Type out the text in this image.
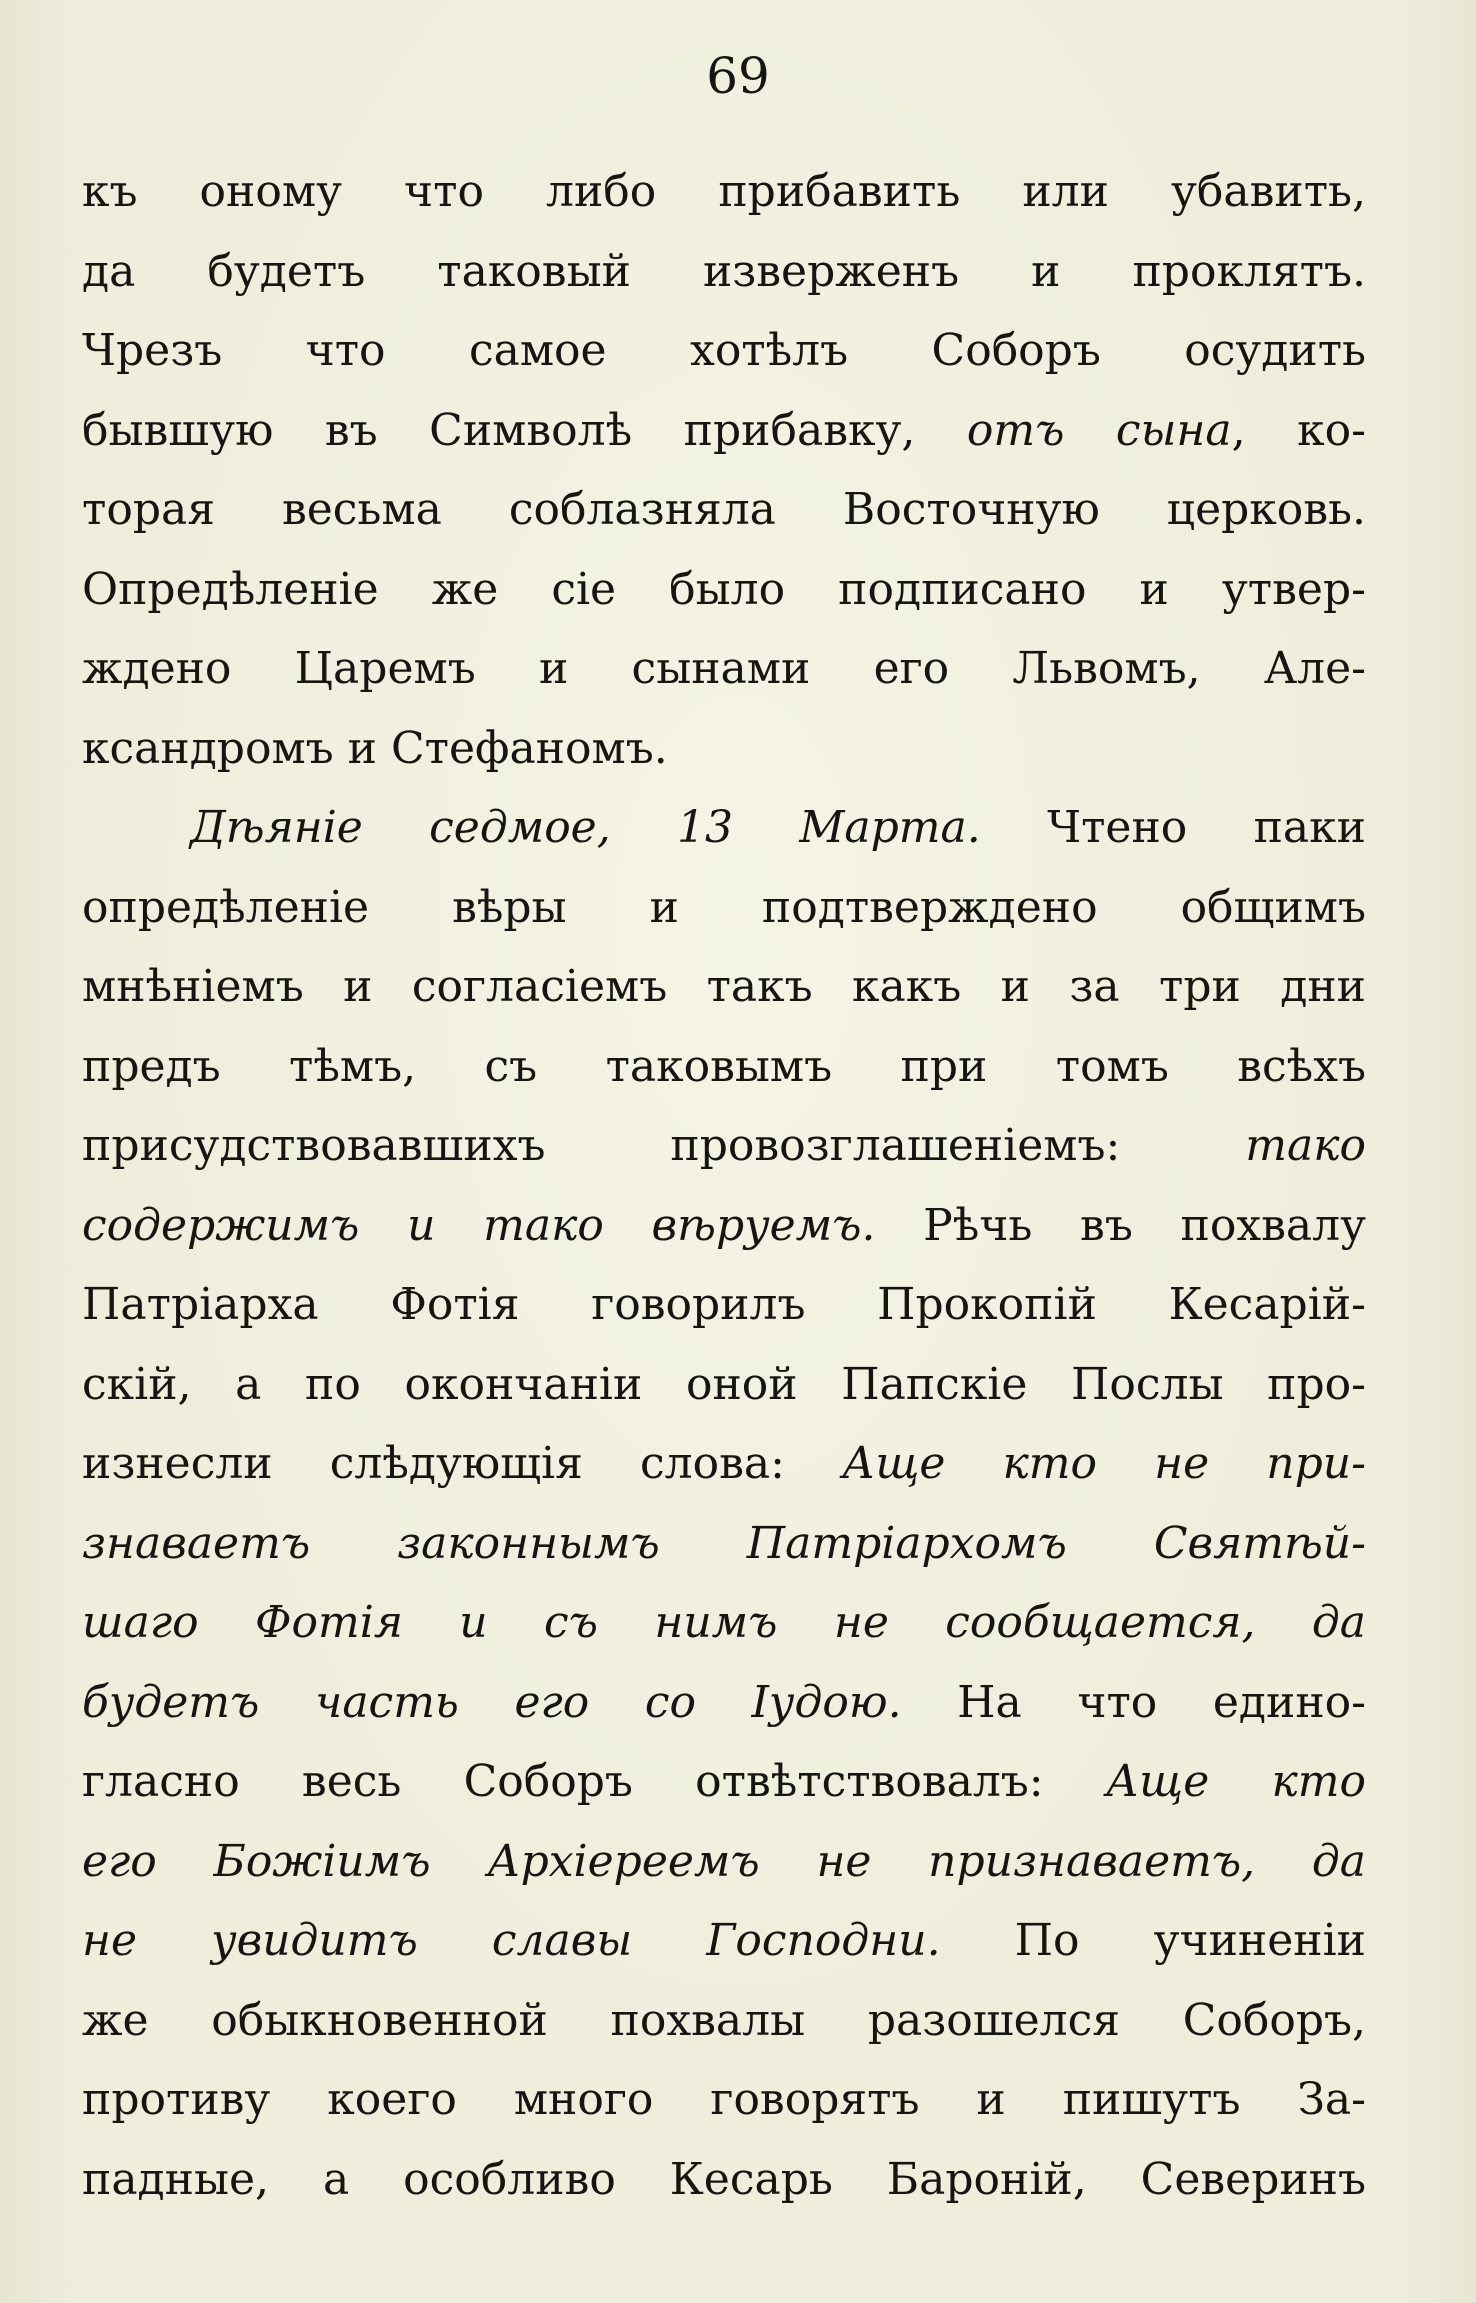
69
къ оному что либо прибавить или убавить,
да будетъ таковый изверженъ и проклятъ.
Чрезъ что самое хотѣлъ Соборъ осудить
бывшую въ Символѣ прибавку, отъ сына, ко-
торая весьма соблазняла Восточную церковь.
Опредѣленіе же сіе было подписано и утвер-
ждено Царемъ и сынами его Львомъ, Але-
ксандромъ и Стефаномъ.
Дѣяніе седмое, 13 Марта. Чтено паки
опредѣленіе вѣры и подтверждено общимъ
мнѣніемъ и согласіемъ такъ какъ и за три дни
предъ тѣмъ, съ таковымъ при томъ всѣхъ
присудствовавшихъ провозглашеніемъ: тако
содержимъ и тако вѣруемъ. Рѣчь въ похвалу
Патріарха Фотія говорилъ Прокопій Кесарій-
скій, а по окончаніи оной Папскіе Послы про-
изнесли слѣдующія слова: Аще кто не при-
знаваетъ законнымъ Патріархомъ Святѣй-
шаго Фотія и съ нимъ не сообщается, да
будетъ часть его со Іудою. На что едино-
гласно весь Соборъ отвѣтствовалъ: Аще кто
его Божіимъ Архіереемъ не признаваетъ, да
не увидитъ славы Господни. По учиненіи
же обыкновенной похвалы разошелся Соборъ,
противу коего много говорятъ и пишутъ За-
падные, а особливо Кесарь Бароній, Северинъ
